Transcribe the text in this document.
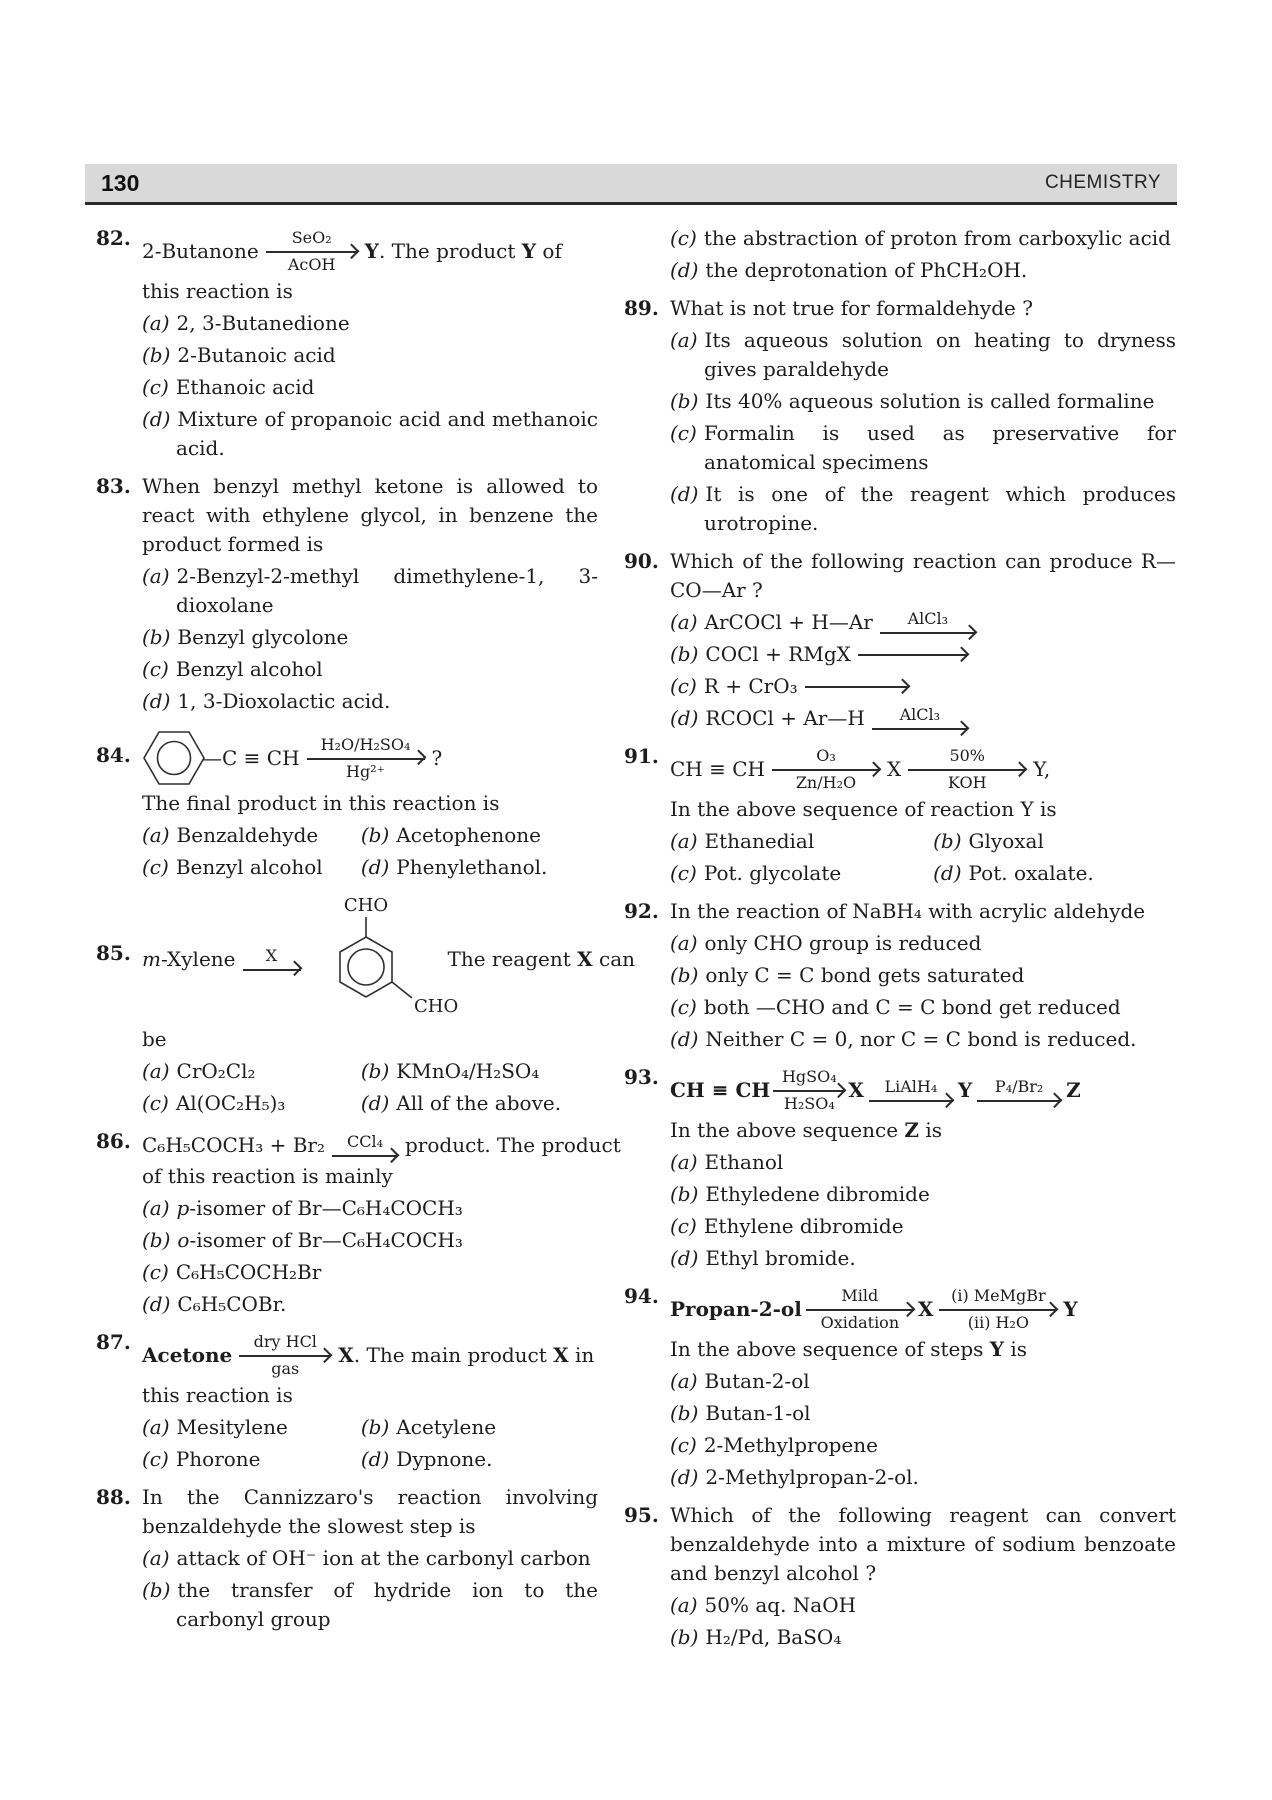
130	CHEMISTRY
82.
2-Butanone
SeO₂
AcOH
Y. The product Y of
this reaction is
(a) 2, 3-Butanedione
(b) 2-Butanoic acid
(c) Ethanoic acid
(d) Mixture of propanoic acid and methanoic acid.
83. When benzyl methyl ketone is allowed to react with ethylene glycol, in benzene the product formed is
(a) 2-Benzyl-2-methyl dimethylene-1, 3-dioxolane
(b) Benzyl glycolone
(c) Benzyl alcohol
(d) 1, 3-Dioxolactic acid.
84.	—C ≡ CH
H₂O/H₂SO₄
Hg²⁺
?
The final product in this reaction is
(a) Benzaldehyde	(b) Acetophenone
(c) Benzyl alcohol	(d) Phenylethanol.
85. m-Xylene X
CHO
CHO
The reagent X can
be
(a) CrO₂Cl₂	(b) KMnO₄/H₂SO₄
(c) Al(OC₂H₅)₃	(d) All of the above.
86. C₆H₅COCH₃ + Br₂ CCl₄ product. The product
of this reaction is mainly
(a) p-isomer of Br—C₆H₄COCH₃
(b) o-isomer of Br—C₆H₄COCH₃
(c) C₆H₅COCH₂Br
(d) C₆H₅COBr.
87.
Acetone
dry HCl
gas
X. The main product X in
this reaction is
(a) Mesitylene	(b) Acetylene
(c) Phorone	(d) Dypnone.
88. In the Cannizzaro's reaction involving benzaldehyde the slowest step is
(a) attack of OH⁻ ion at the carbonyl carbon
(b) the transfer of hydride ion to the carbonyl group
(c) the abstraction of proton from carboxylic acid
(d) the deprotonation of PhCH₂OH.
89. What is not true for formaldehyde ?
(a) Its aqueous solution on heating to dryness gives paraldehyde
(b) Its 40% aqueous solution is called formaline
(c) Formalin is used as preservative for anatomical specimens
(d) It is one of the reagent which produces urotropine.
90. Which of the following reaction can produce R—CO—Ar ?
(a) ArCOCl + H—Ar AlCl₃
(b) COCl + RMgX
(c) R + CrO₃
(d) RCOCl + Ar—H AlCl₃
91.
CH ≡ CH
O₃
Zn/H₂O
X
50%
KOH
Y,
In the above sequence of reaction Y is
(a) Ethanedial	(b) Glyoxal
(c) Pot. glycolate	(d) Pot. oxalate.
92. In the reaction of NaBH₄ with acrylic aldehyde
(a) only CHO group is reduced
(b) only C = C bond gets saturated
(c) both —CHO and C = C bond get reduced
(d) Neither C = 0, nor C = C bond is reduced.
93.
CH ≡ CH
HgSO₄
H₂SO₄
X LiAlH₄ Y P₄/Br₂ Z
In the above sequence Z is
(a) Ethanol
(b) Ethyledene dibromide
(c) Ethylene dibromide
(d) Ethyl bromide.
94.
Propan-2-ol
Mild
Oxidation
X
(i) MeMgBr
(ii) H₂O
Y
In the above sequence of steps Y is
(a) Butan-2-ol
(b) Butan-1-ol
(c) 2-Methylpropene
(d) 2-Methylpropan-2-ol.
95. Which of the following reagent can convert benzaldehyde into a mixture of sodium benzoate and benzyl alcohol ?
(a) 50% aq. NaOH
(b) H₂/Pd, BaSO₄
